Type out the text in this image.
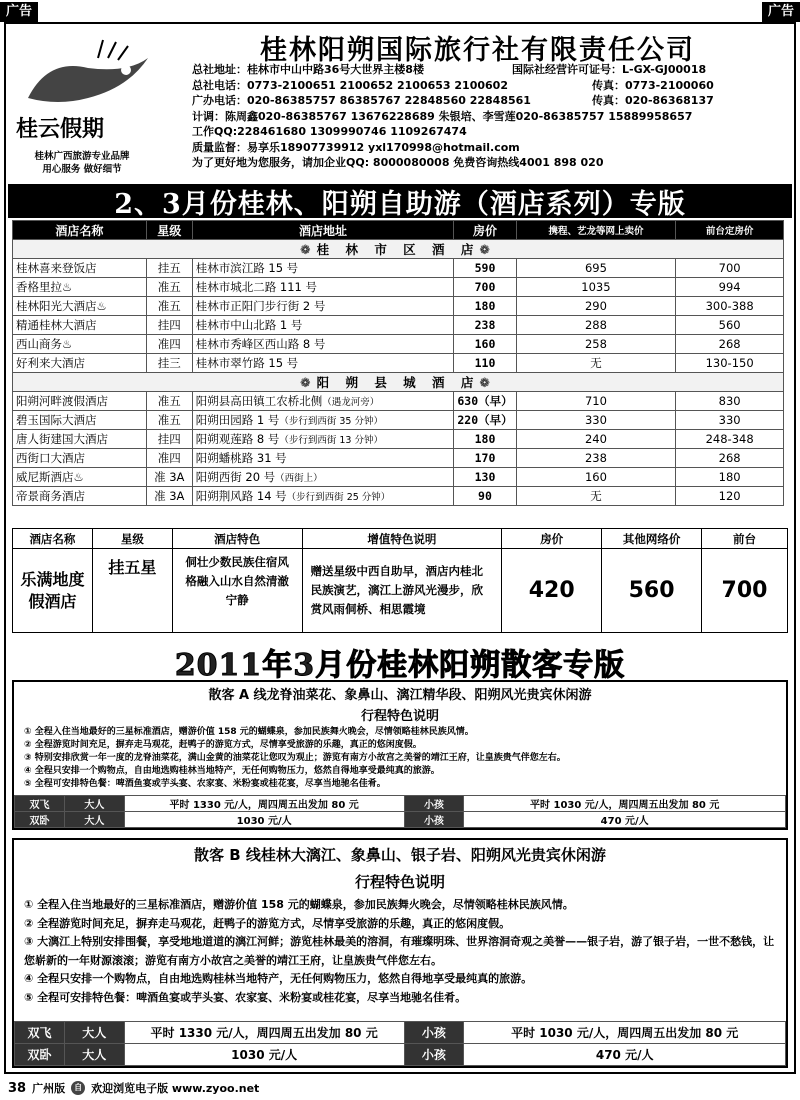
广告	广告
桂云假期
桂林广西旅游专业品牌
用心服务 做好细节
桂林阳朔国际旅行社有限责任公司
总社地址： 桂林市中山中路36号大世界主楼8楼	国际社经营许可证号： L-GX-GJ00018
总社电话： 0773-2100651 2100652 2100653 2100602	传真： 0773-2100060
广办电话： 020-86385757 86385767 22848560 22848561	传真： 020-86368137
计调： 陈周鑫020-86385767 13676228689 朱银培、李雪莲020-86385757 15889958657
工作QQ: 228461680 1309990746 1109267474
质量监督： 易享乐18907739912 yxl170998@hotmail.com
为了更好地为您服务，请加企业QQ: 8000080008 免费咨询热线4001 898 020
2、3月份桂林、阳朔自助游（酒店系列）专版
酒店名称	星级	酒店地址	房价	携程、艺龙等网上卖价	前台定房价
❁桂 林 市 区 酒 店❁					
桂林喜来登饭店	挂五	桂林市滨江路 15 号	590	695	700
香格里拉♨	准五	桂林市城北二路 111 号	700	1035	994
桂林阳光大酒店♨	准五	桂林市正阳门步行街 2 号	180	290	300-388
精通桂林大酒店	挂四	桂林市中山北路 1 号	238	288	560
西山商务♨	准四	桂林市秀峰区西山路 8 号	160	258	268
好利来大酒店	挂三	桂林市翠竹路 15 号	110	无	130-150
❁阳 朔 县 城 酒 店❁					
阳朔河畔渡假酒店	准五	阳朔县高田镇工农桥北侧（遇龙河旁）	630（早）	710	830
碧玉国际大酒店	准五	阳朔田园路 1 号（步行到西街 35 分钟）	220（早）	330	330
唐人街建国大酒店	挂四	阳朔观莲路 8 号（步行到西街 13 分钟）	180	240	248-348
西街口大酒店	准四	阳朔蟠桃路 31 号	170	238	268
威尼斯酒店♨	准 3A	阳朔西街 20 号（西街上）	130	160	180
帝景商务酒店	准 3A	阳朔荆风路 14 号（步行到西街 25 分钟）	90	无	120
酒店名称	星级	酒店特色	增值特色说明	房价	其他网络价	前台
乐满地度假酒店	挂五星	侗壮少数民族住宿风格融入山水自然清澈宁静	赠送星级中西自助早，酒店内桂北民族演艺，漓江上游风光漫步，欣赏风雨侗桥、相思霞境	420	560	700
2011年3月份桂林阳朔散客专版
散客 A 线龙脊油菜花、象鼻山、漓江精华段、阳朔风光贵宾休闲游
行程特色说明
① 全程入住当地最好的三星标准酒店，赠游价值 158 元的蝴蝶泉，参加民族舞火晚会，尽情领略桂林民族风情。
② 全程游览时间充足，摒弃走马观花，赶鸭子的游览方式，尽情享受旅游的乐趣，真正的悠闲度假。
③ 特别安排欣赏一年一度的龙脊油菜花，满山金黄的油菜花让您叹为观止；游览有南方小故宫之美誉的靖江王府，让皇族贵气伴您左右。
④ 全程只安排一个购物点，自由地选购桂林当地特产，无任何购物压力，悠然自得地享受最纯真的旅游。
⑤ 全程可安排特色餐：啤酒鱼宴或芋头宴、农家宴、米粉宴或桂花宴，尽享当地驰名佳肴。
双飞	大人	平时 1330 元/人，周四周五出发加 80 元	小孩	平时 1030 元/人，周四周五出发加 80 元
双卧	大人	1030 元/人	小孩	470 元/人
散客 B 线桂林大漓江、象鼻山、银子岩、阳朔风光贵宾休闲游
行程特色说明
① 全程入住当地最好的三星标准酒店，赠游价值 158 元的蝴蝶泉，参加民族舞火晚会，尽情领略桂林民族风情。
② 全程游览时间充足，摒弃走马观花，赶鸭子的游览方式，尽情享受旅游的乐趣，真正的悠闲度假。
③ 大漓江上特别安排围餐，享受地地道道的漓江河鲜；游览桂林最美的溶洞，有璀璨明珠、世界溶洞奇观之美誉——银子岩，游了银子岩，一世不愁钱，让您崭新的一年财源滚滚；游览有南方小故宫之美誉的靖江王府，让皇族贵气伴您左右。
④ 全程只安排一个购物点，自由地选购桂林当地特产，无任何购物压力，悠然自得地享受最纯真的旅游。
⑤ 全程可安排特色餐：啤酒鱼宴或芋头宴、农家宴、米粉宴或桂花宴，尽享当地驰名佳肴。
双飞	大人	平时 1330 元/人，周四周五出发加 80 元	小孩	平时 1030 元/人，周四周五出发加 80 元
双卧	大人	1030 元/人	小孩	470 元/人
38 广州版	自 欢迎浏览电子版 www.zyoo.net
